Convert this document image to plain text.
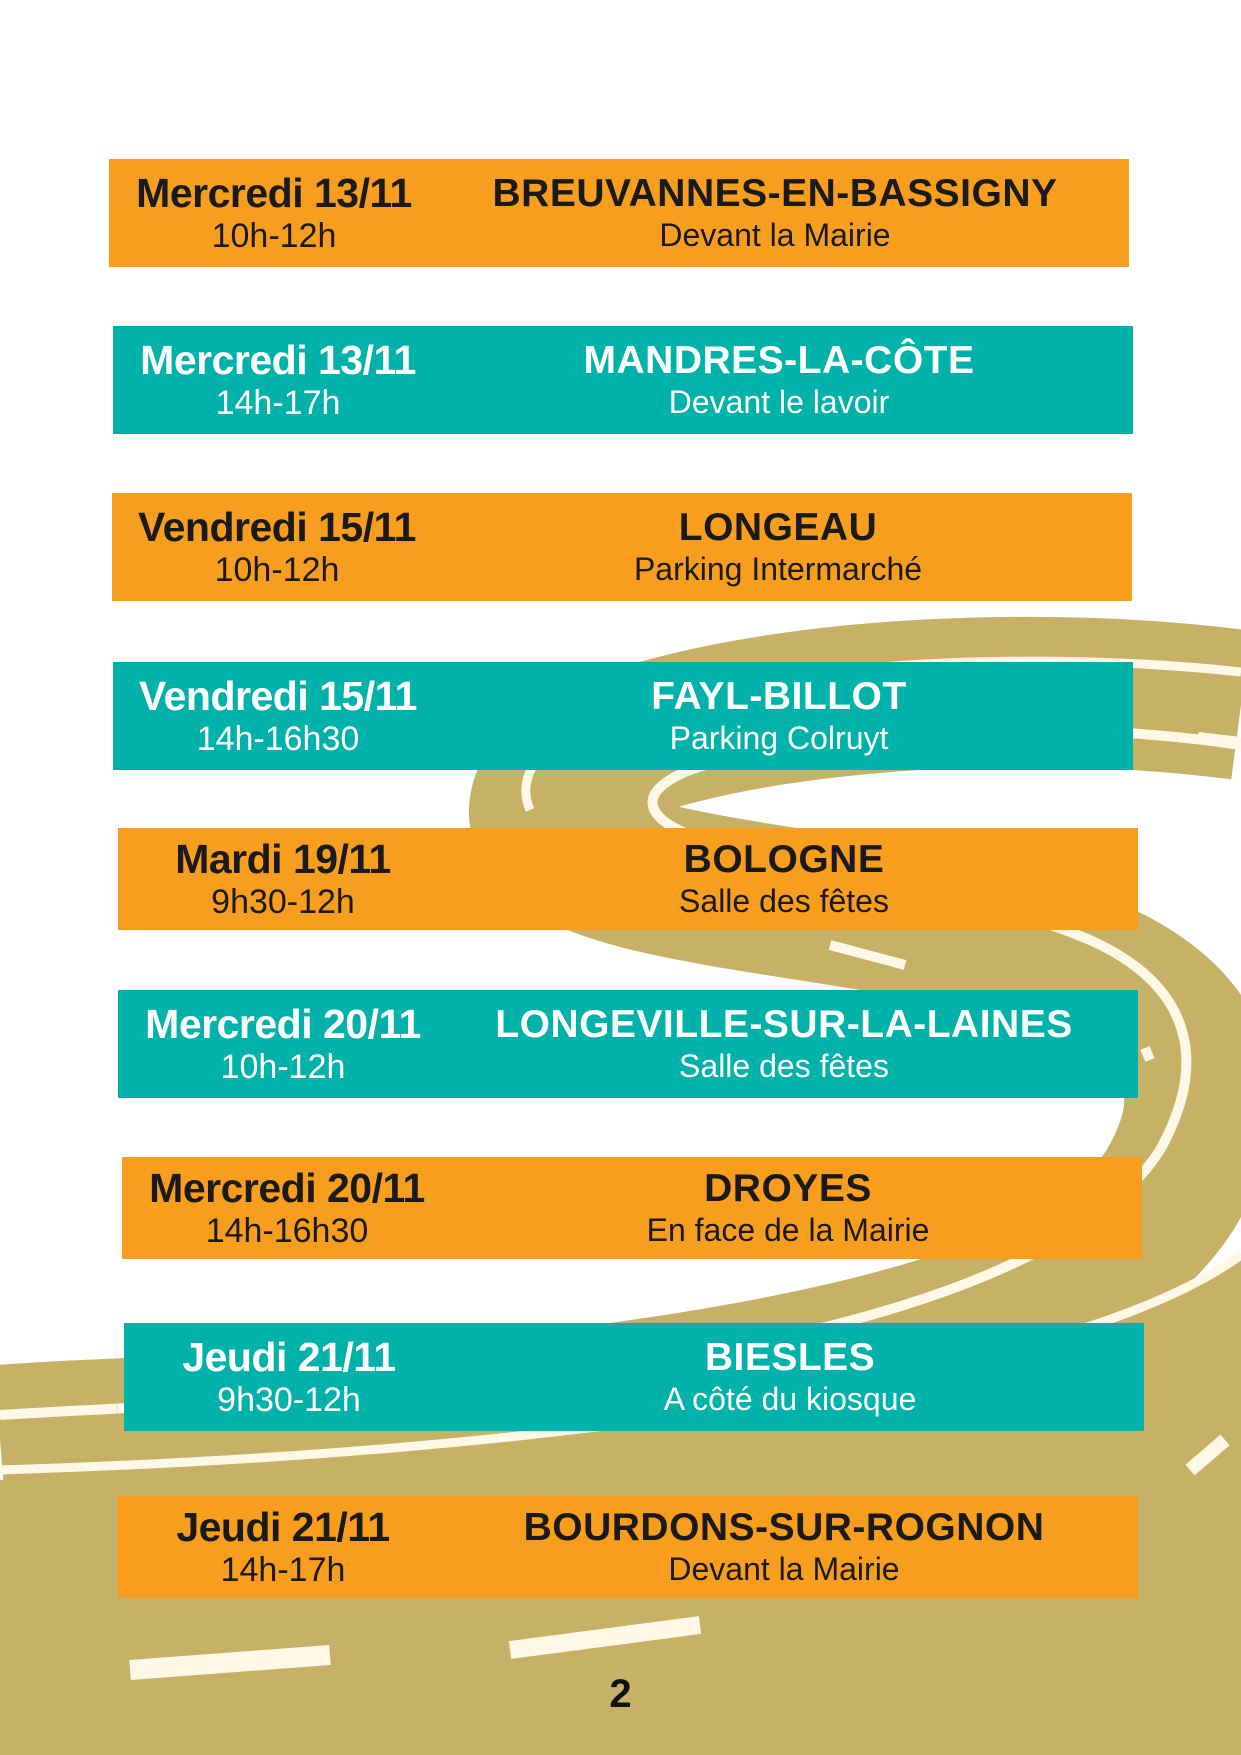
Mercredi 13/11
10h-12h
BREUVANNES-EN-BASSIGNY
Devant la Mairie
Mercredi 13/11
14h-17h
MANDRES-LA-CÔTE
Devant le lavoir
Vendredi 15/11
10h-12h
LONGEAU
Parking Intermarché
Vendredi 15/11
14h-16h30
FAYL-BILLOT
Parking Colruyt
Mardi 19/11
9h30-12h
BOLOGNE
Salle des fêtes
Mercredi 20/11
10h-12h
LONGEVILLE-SUR-LA-LAINES
Salle des fêtes
Mercredi 20/11
14h-16h30
DROYES
En face de la Mairie
Jeudi 21/11
9h30-12h
BIESLES
A côté du kiosque
Jeudi 21/11
14h-17h
BOURDONS-SUR-ROGNON
Devant la Mairie
2
